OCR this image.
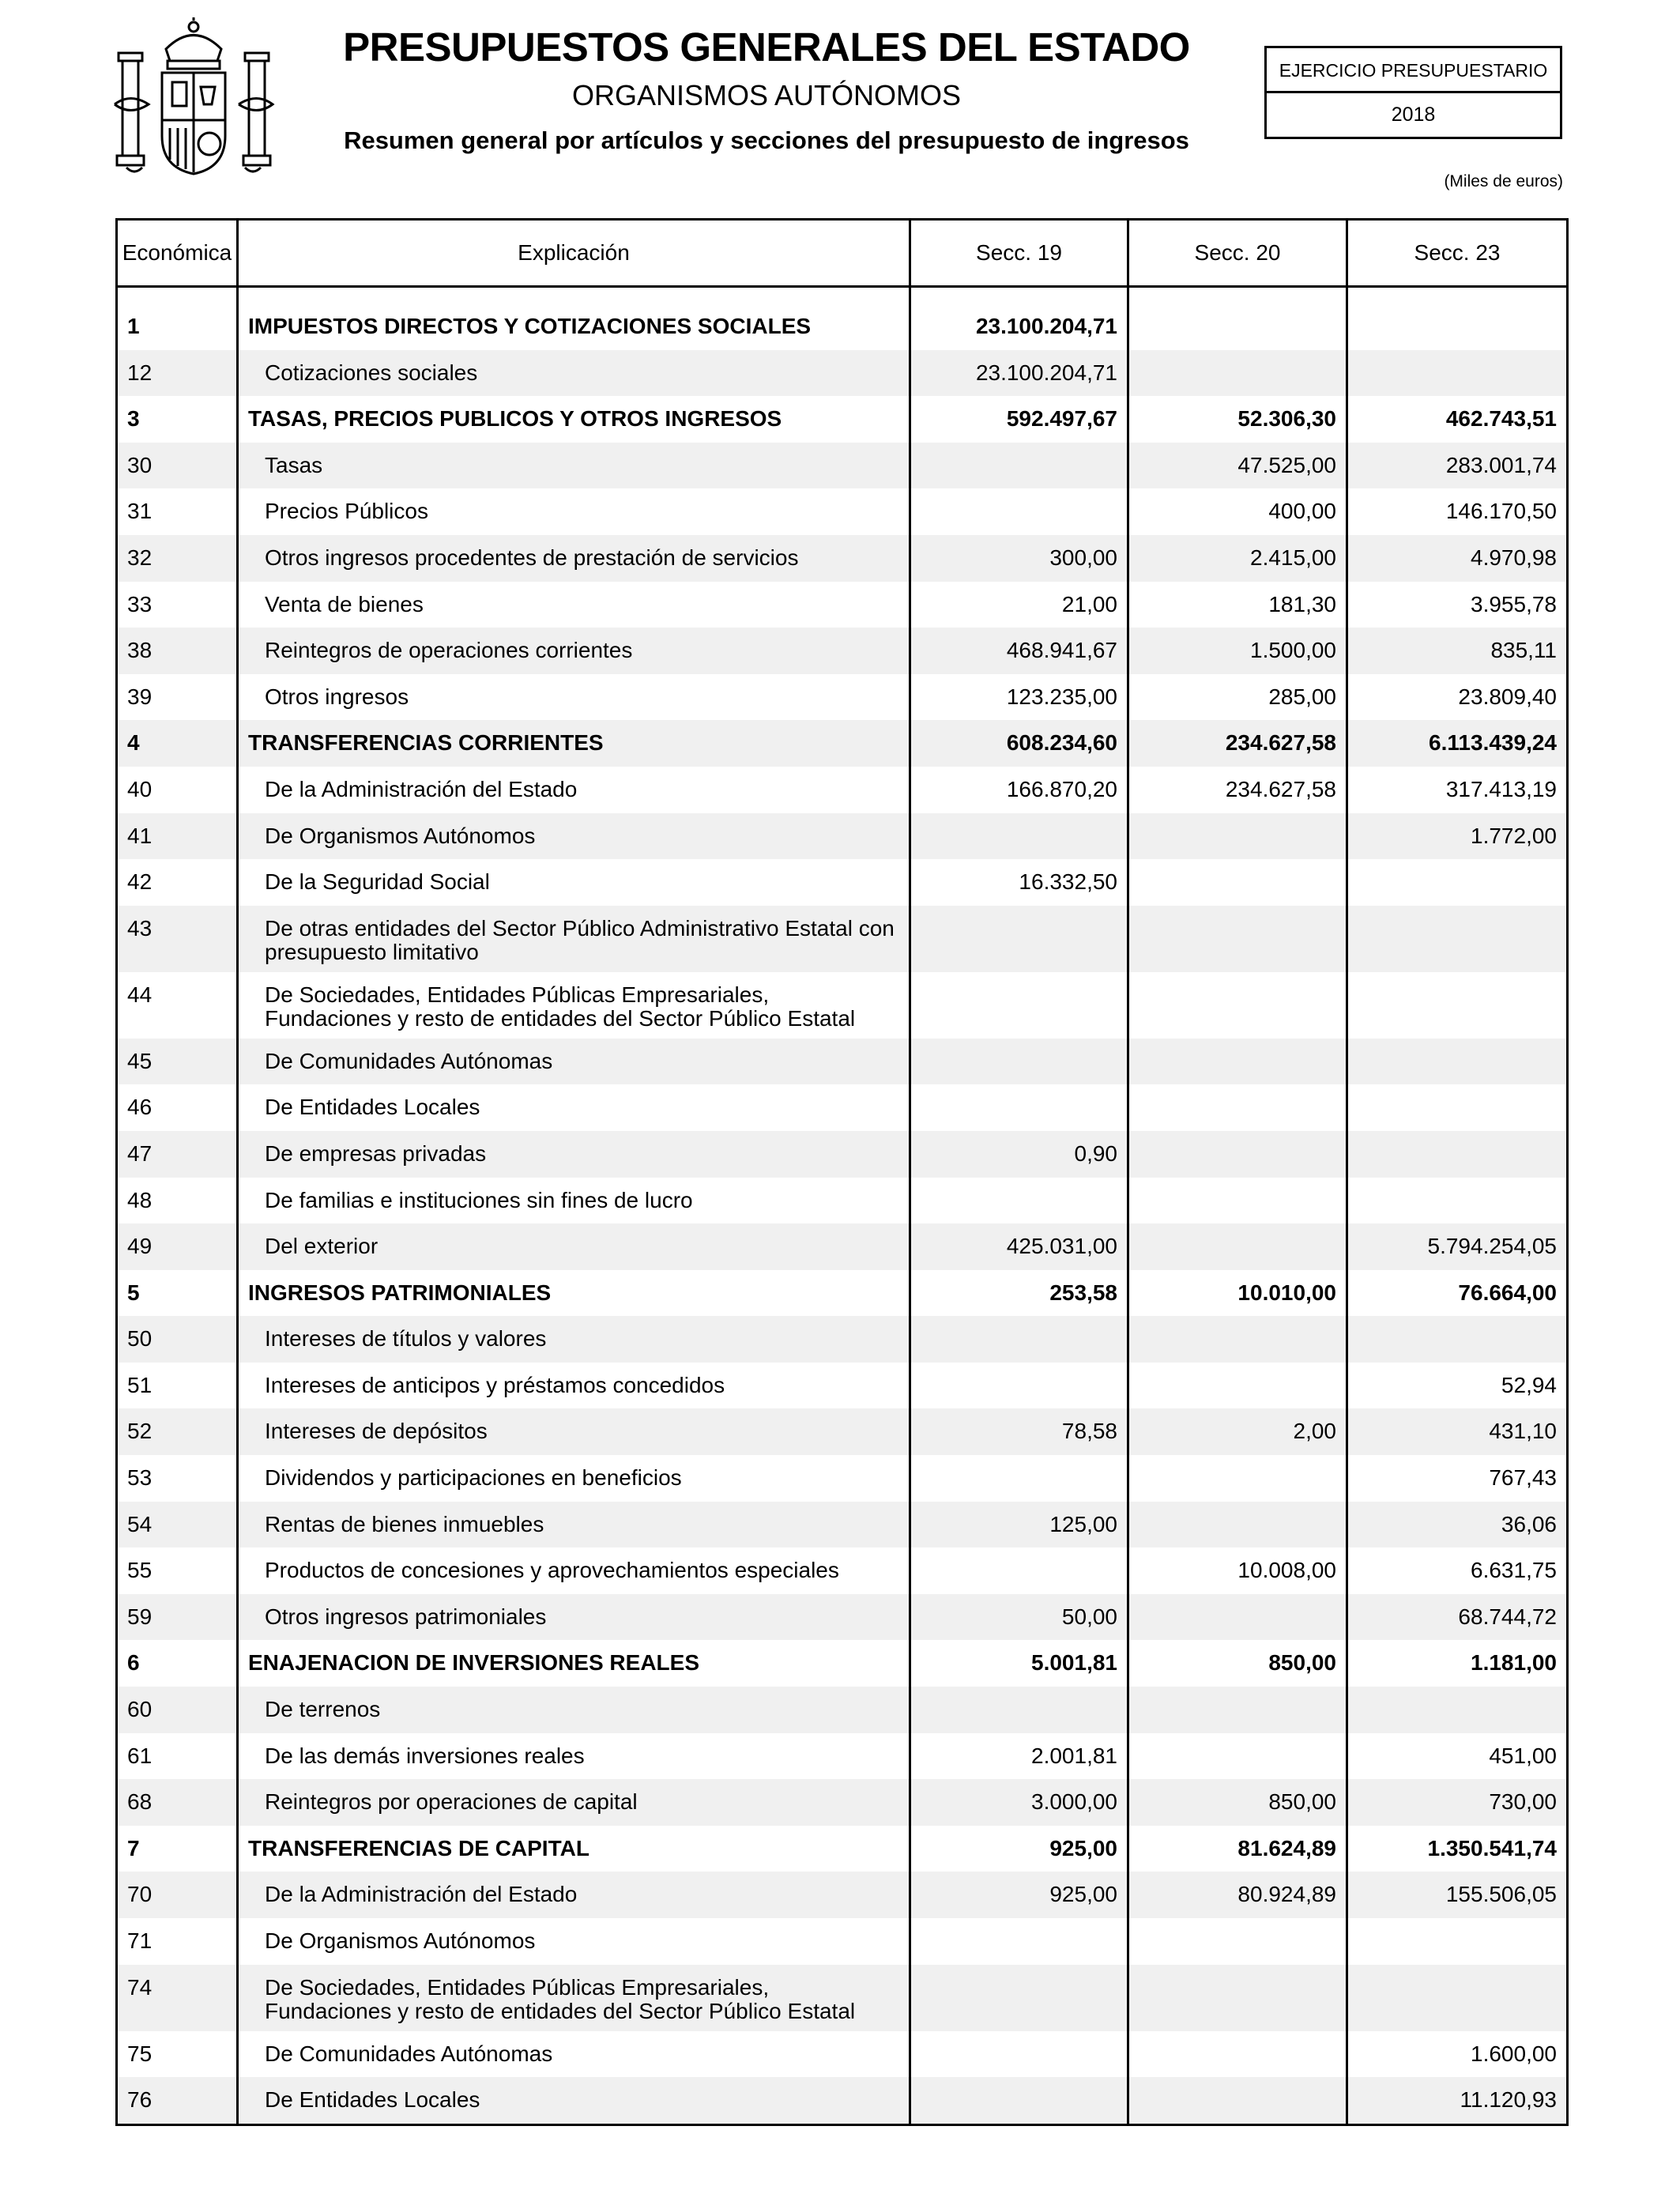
PRESUPUESTOS GENERALES DEL ESTADO
ORGANISMOS AUTÓNOMOS
Resumen general por artículos y secciones del presupuesto de ingresos
EJERCICIO PRESUPUESTARIO
2018
(Miles de euros)
Económica	Explicación	Secc. 19	Secc. 20	Secc. 23
1	IMPUESTOS DIRECTOS Y COTIZACIONES SOCIALES	23.100.204,71		
12	Cotizaciones sociales	23.100.204,71		
3	TASAS, PRECIOS PUBLICOS Y OTROS INGRESOS	592.497,67	52.306,30	462.743,51
30	Tasas		47.525,00	283.001,74
31	Precios Públicos		400,00	146.170,50
32	Otros ingresos procedentes de prestación de servicios	300,00	2.415,00	4.970,98
33	Venta de bienes	21,00	181,30	3.955,78
38	Reintegros de operaciones corrientes	468.941,67	1.500,00	835,11
39	Otros ingresos	123.235,00	285,00	23.809,40
4	TRANSFERENCIAS CORRIENTES	608.234,60	234.627,58	6.113.439,24
40	De la Administración del Estado	166.870,20	234.627,58	317.413,19
41	De Organismos Autónomos			1.772,00
42	De la Seguridad Social	16.332,50		
43	De otras entidades del Sector Público Administrativo Estatal con presupuesto limitativo			
44	De Sociedades, Entidades Públicas Empresariales, Fundaciones y resto de entidades del Sector Público Estatal			
45	De Comunidades Autónomas			
46	De Entidades Locales			
47	De empresas privadas	0,90		
48	De familias e instituciones sin fines de lucro			
49	Del exterior	425.031,00		5.794.254,05
5	INGRESOS PATRIMONIALES	253,58	10.010,00	76.664,00
50	Intereses de títulos y valores			
51	Intereses de anticipos y préstamos concedidos			52,94
52	Intereses de depósitos	78,58	2,00	431,10
53	Dividendos y participaciones en beneficios			767,43
54	Rentas de bienes inmuebles	125,00		36,06
55	Productos de concesiones y aprovechamientos especiales		10.008,00	6.631,75
59	Otros ingresos patrimoniales	50,00		68.744,72
6	ENAJENACION DE INVERSIONES REALES	5.001,81	850,00	1.181,00
60	De terrenos			
61	De las demás inversiones reales	2.001,81		451,00
68	Reintegros por operaciones de capital	3.000,00	850,00	730,00
7	TRANSFERENCIAS DE CAPITAL	925,00	81.624,89	1.350.541,74
70	De la Administración del Estado	925,00	80.924,89	155.506,05
71	De Organismos Autónomos			
74	De Sociedades, Entidades Públicas Empresariales, Fundaciones y resto de entidades del Sector Público Estatal			
75	De Comunidades Autónomas			1.600,00
76	De Entidades Locales			11.120,93
